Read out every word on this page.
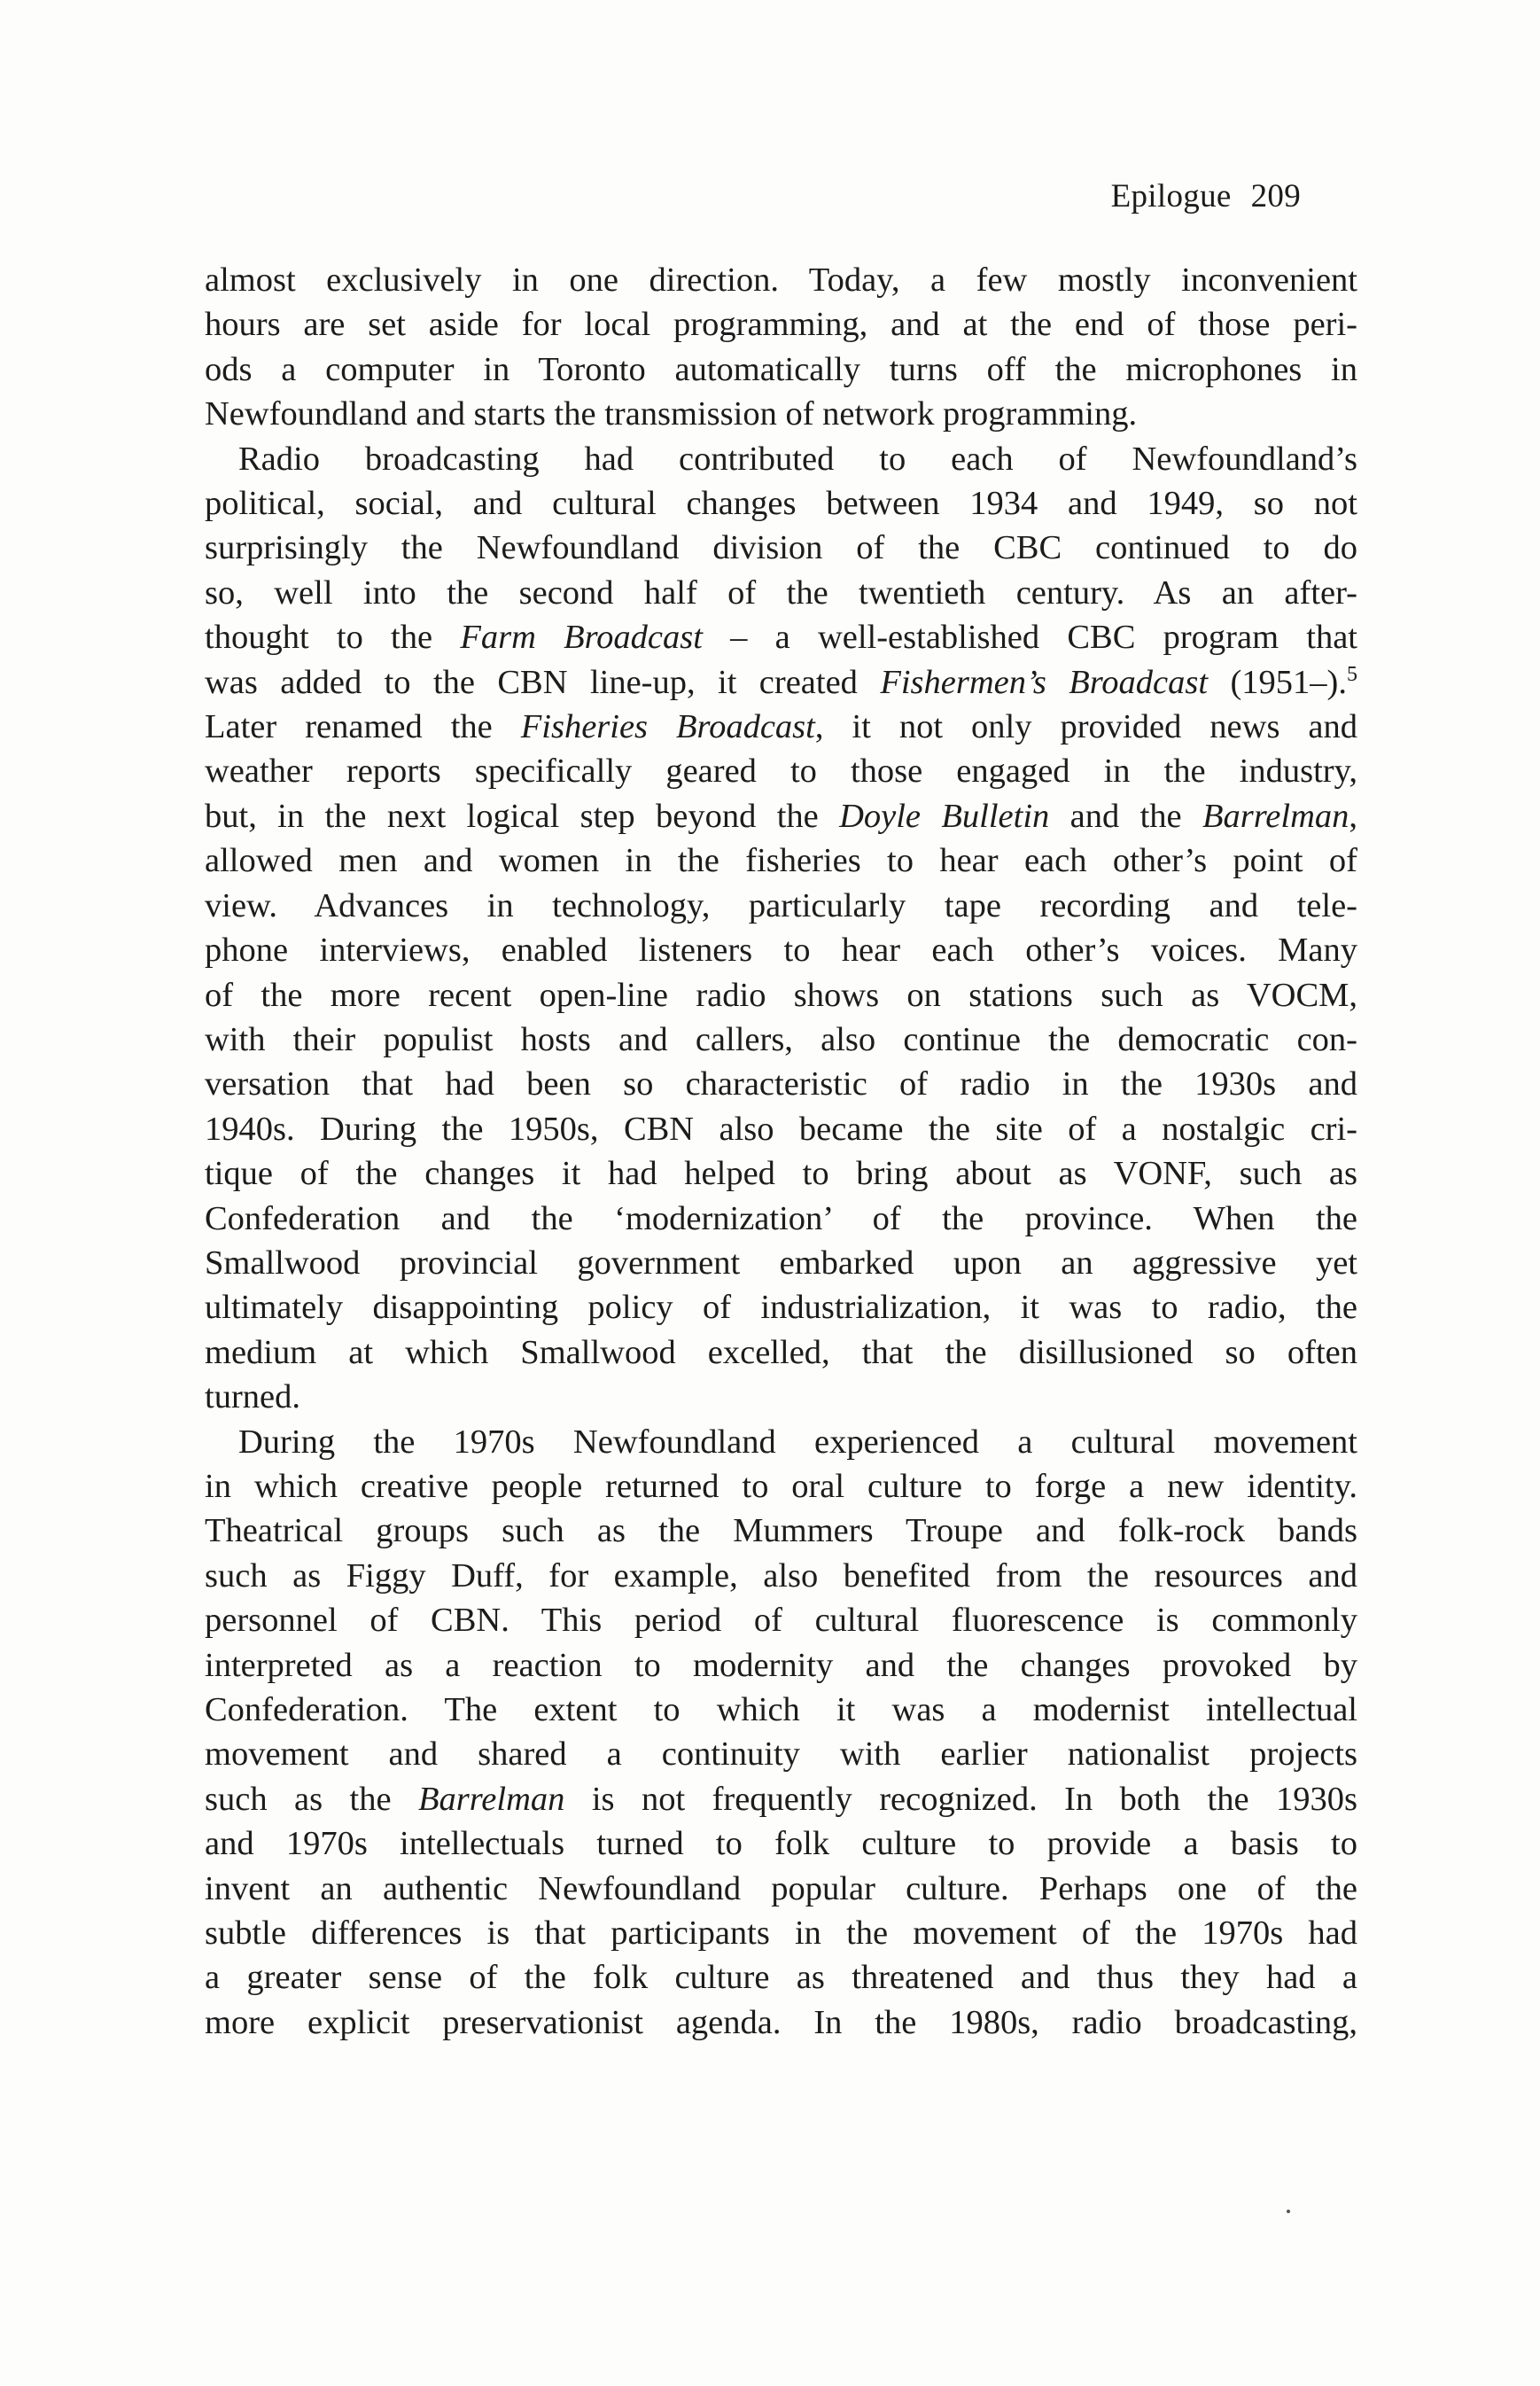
Epilogue 209
almost exclusively in one direction. Today, a few mostly inconvenient
hours are set aside for local programming, and at the end of those peri-
ods a computer in Toronto automatically turns off the microphones in
Newfoundland and starts the transmission of network programming.
Radio broadcasting had contributed to each of Newfoundland’s
political, social, and cultural changes between 1934 and 1949, so not
surprisingly the Newfoundland division of the CBC continued to do
so, well into the second half of the twentieth century. As an after-
thought to the Farm Broadcast – a well-established CBC program that
was added to the CBN line-up, it created Fishermen’s Broadcast (1951–).$^5$
Later renamed the Fisheries Broadcast, it not only provided news and
weather reports specifically geared to those engaged in the industry,
but, in the next logical step beyond the Doyle Bulletin and the Barrelman,
allowed men and women in the fisheries to hear each other’s point of
view. Advances in technology, particularly tape recording and tele-
phone interviews, enabled listeners to hear each other’s voices. Many
of the more recent open-line radio shows on stations such as VOCM,
with their populist hosts and callers, also continue the democratic con-
versation that had been so characteristic of radio in the 1930s and
1940s. During the 1950s, CBN also became the site of a nostalgic cri-
tique of the changes it had helped to bring about as VONF, such as
Confederation and the ‘modernization’ of the province. When the
Smallwood provincial government embarked upon an aggressive yet
ultimately disappointing policy of industrialization, it was to radio, the
medium at which Smallwood excelled, that the disillusioned so often
turned.
During the 1970s Newfoundland experienced a cultural movement
in which creative people returned to oral culture to forge a new identity.
Theatrical groups such as the Mummers Troupe and folk-rock bands
such as Figgy Duff, for example, also benefited from the resources and
personnel of CBN. This period of cultural fluorescence is commonly
interpreted as a reaction to modernity and the changes provoked by
Confederation. The extent to which it was a modernist intellectual
movement and shared a continuity with earlier nationalist projects
such as the Barrelman is not frequently recognized. In both the 1930s
and 1970s intellectuals turned to folk culture to provide a basis to
invent an authentic Newfoundland popular culture. Perhaps one of the
subtle differences is that participants in the movement of the 1970s had
a greater sense of the folk culture as threatened and thus they had a
more explicit preservationist agenda. In the 1980s, radio broadcasting,
